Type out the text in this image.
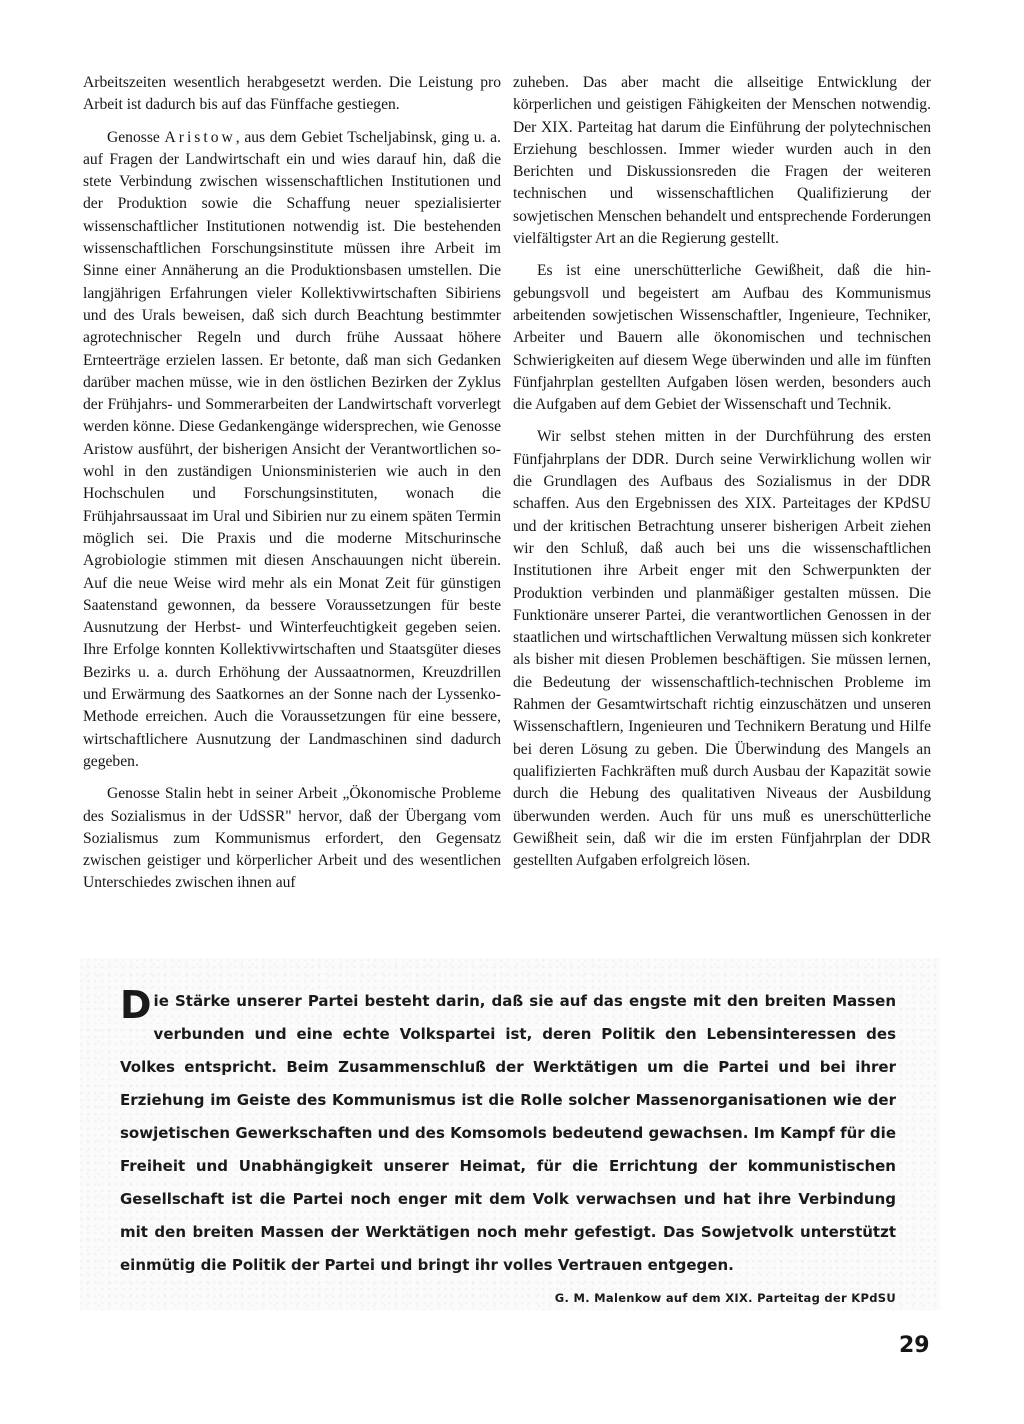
Arbeitszeiten wesentlich herabgesetzt werden. Die Leistung pro Arbeit ist dadurch bis auf das Fünffache gestiegen.

Genosse Aristow, aus dem Gebiet Tscheljabinsk, ging u. a. auf Fragen der Landwirtschaft ein und wies darauf hin, daß die stete Verbindung zwischen wissenschaftlichen Institutionen und der Produktion sowie die Schaffung neuer spezialisierter wissenschaftlicher Institutionen notwendig ist. Die bestehenden wissenschaftlichen Forschungsinstitute müssen ihre Arbeit im Sinne einer Annäherung an die Produktionsbasen umstellen. Die langjährigen Erfahrungen vieler Kollektivwirtschaften Sibiriens und des Urals beweisen, daß sich durch Beachtung bestimmter agrotechnischer Regeln und durch frühe Aussaat höhere Ernteerträge erzielen lassen. Er betonte, daß man sich Gedanken darüber machen müsse, wie in den östlichen Bezirken der Zyklus der Frühjahrs- und Sommerarbeiten der Landwirtschaft vorverlegt werden könne. Diese Gedankengänge widersprechen, wie Genosse Aristow ausführt, der bisherigen Ansicht der Verantwortlichen sowohl in den zuständigen Unionsministerien wie auch in den Hochschulen und Forschungsinstituten, wonach die Frühjahrsaussaat im Ural und Sibirien nur zu einem späten Termin möglich sei. Die Praxis und die moderne Mitschurinsche Agrobiologie stimmen mit diesen Anschauungen nicht überein. Auf die neue Weise wird mehr als ein Monat Zeit für günstigen Saatenstand gewonnen, da bessere Voraussetzungen für beste Ausnutzung der Herbst- und Winterfeuchtigkeit gegeben seien. Ihre Erfolge konnten Kollektivwirtschaften und Staatsgüter dieses Bezirks u. a. durch Erhöhung der Aussaatnormen, Kreuzdrillen und Erwärmung des Saatkornes an der Sonne nach der Lyssenko-Methode erreichen. Auch die Voraussetzungen für eine bessere, wirtschaftlichere Ausnutzung der Landmaschinen sind dadurch gegeben.

Genosse Stalin hebt in seiner Arbeit „Ökonomische Probleme des Sozialismus in der UdSSR" hervor, daß der Übergang vom Sozialismus zum Kommunismus erfordert, den Gegensatz zwischen geistiger und körperlicher Arbeit und des wesentlichen Unterschiedes zwischen ihnen auf

zuheben. Das aber macht die allseitige Entwicklung der körperlichen und geistigen Fähigkeiten der Menschen notwendig. Der XIX. Parteitag hat darum die Einführung der polytechnischen Erziehung beschlossen. Immer wieder wurden auch in den Berichten und Diskussionsreden die Fragen der weiteren technischen und wissenschaftlichen Qualifizierung der sowjetischen Menschen behandelt und entsprechende Forderungen vielfältigster Art an die Regierung gestellt.

Es ist eine unerschütterliche Gewißheit, daß die hingebungsvoll und begeistert am Aufbau des Kommunismus arbeitenden sowjetischen Wissenschaftler, Ingenieure, Techniker, Arbeiter und Bauern alle ökonomischen und technischen Schwierigkeiten auf diesem Wege überwinden und alle im fünften Fünfjahrplan gestellten Aufgaben lösen werden, besonders auch die Aufgaben auf dem Gebiet der Wissenschaft und Technik.

Wir selbst stehen mitten in der Durchführung des ersten Fünfjahrplans der DDR. Durch seine Verwirklichung wollen wir die Grundlagen des Aufbaus des Sozialismus in der DDR schaffen. Aus den Ergebnissen des XIX. Parteitages der KPdSU und der kritischen Betrachtung unserer bisherigen Arbeit ziehen wir den Schluß, daß auch bei uns die wissenschaftlichen Institutionen ihre Arbeit enger mit den Schwerpunkten der Produktion verbinden und planmäßiger gestalten müssen. Die Funktionäre unserer Partei, die verantwortlichen Genossen in der staatlichen und wirtschaftlichen Verwaltung müssen sich konkreter als bisher mit diesen Problemen beschäftigen. Sie müssen lernen, die Bedeutung der wissenschaftlich-technischen Probleme im Rahmen der Gesamtwirtschaft richtig einzuschätzen und unseren Wissenschaftlern, Ingenieuren und Technikern Beratung und Hilfe bei deren Lösung zu geben. Die Überwindung des Mangels an qualifizierten Fachkräften muß durch Ausbau der Kapazität sowie durch die Hebung des qualitativen Niveaus der Ausbildung überwunden werden. Auch für uns muß es unerschütterliche Gewißheit sein, daß wir die im ersten Fünfjahrplan der DDR gestellten Aufgaben erfolgreich lösen.

Die Stärke unserer Partei besteht darin, daß sie auf das engste mit den breiten Massen verbunden und eine echte Volkspartei ist, deren Politik den Lebensinteressen des Volkes entspricht. Beim Zusammenschluß der Werktätigen um die Partei und bei ihrer Erziehung im Geiste des Kommunismus ist die Rolle solcher Massenorganisationen wie der sowjetischen Gewerkschaften und des Komsomols bedeutend gewachsen. Im Kampf für die Freiheit und Unabhängigkeit unserer Heimat, für die Errichtung der kommunistischen Gesellschaft ist die Partei noch enger mit dem Volk verwachsen und hat ihre Verbindung mit den breiten Massen der Werktätigen noch mehr gefestigt. Das Sowjetvolk unterstützt einmütig die Politik der Partei und bringt ihr volles Vertrauen entgegen.
G. M. Malenkow auf dem XIX. Parteitag der KPdSU

29
